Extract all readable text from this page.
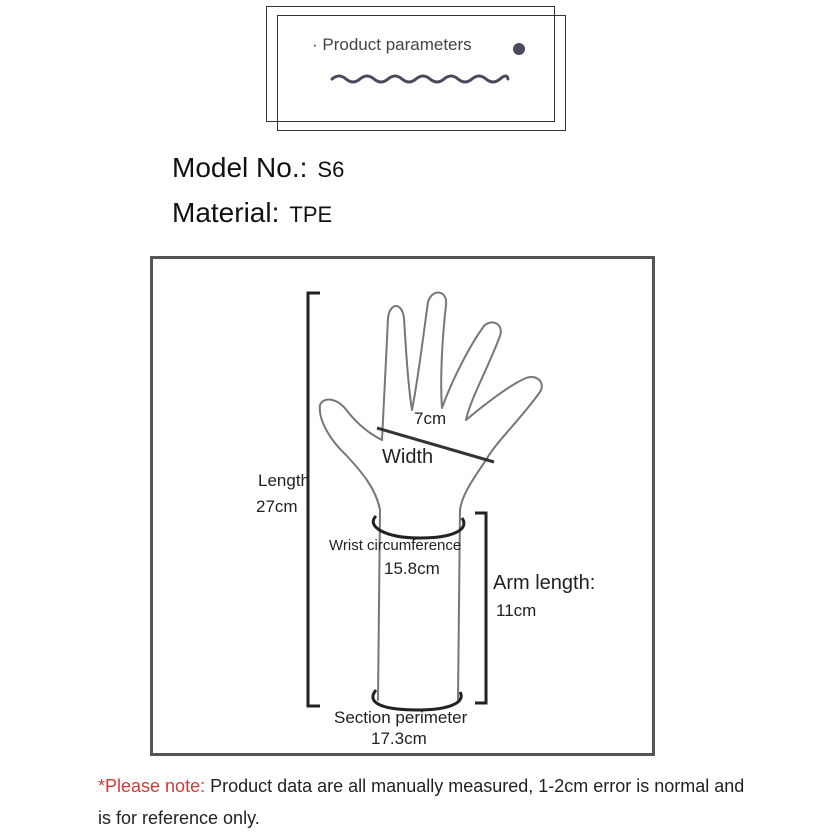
· Product parameters
Model No.: S6
Material: TPE
7cm
Width
Length
27cm
Wrist circumference
15.8cm
Arm length:
11cm
Section perimeter
17.3cm
*Please note: Product data are all manually measured, 1-2cm error is normal and is for reference only.
